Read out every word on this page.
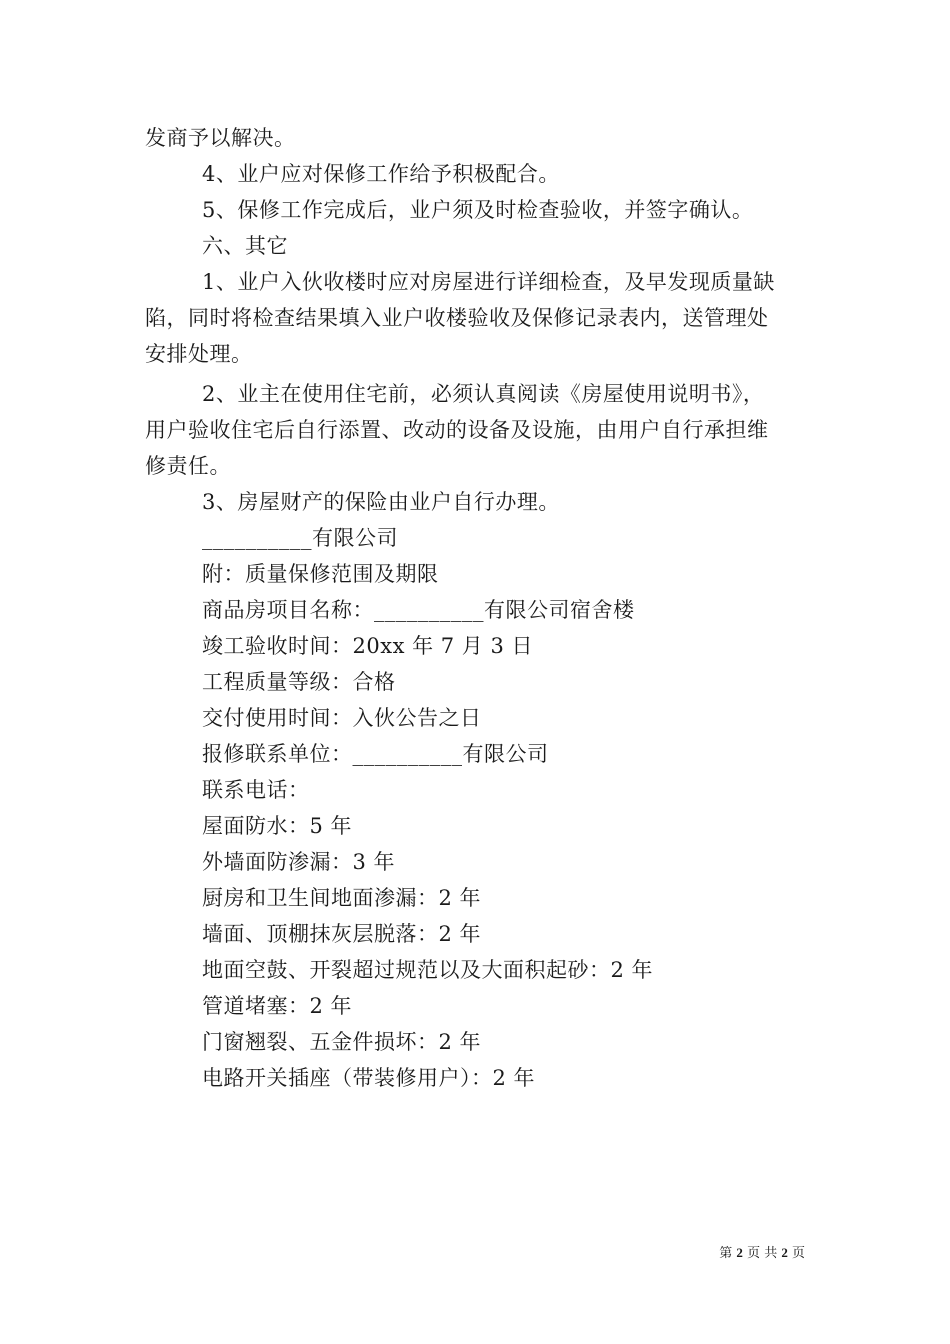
发商予以解决。
4、业户应对保修工作给予积极配合。
5、保修工作完成后，业户须及时检查验收，并签字确认。
六、其它
1、业户入伙收楼时应对房屋进行详细检查，及早发现质量缺
陷，同时将检查结果填入业户收楼验收及保修记录表内，送管理处
安排处理。
2、业主在使用住宅前，必须认真阅读《房屋使用说明书》，
用户验收住宅后自行添置、改动的设备及设施，由用户自行承担维
修责任。
3、房屋财产的保险由业户自行办理。
__________有限公司
附：质量保修范围及期限
商品房项目名称：__________有限公司宿舍楼
竣工验收时间：20xx 年 7 月 3 日
工程质量等级：合格
交付使用时间：入伙公告之日
报修联系单位：__________有限公司
联系电话：
屋面防水：5 年
外墙面防渗漏：3 年
厨房和卫生间地面渗漏：2 年
墙面、顶棚抹灰层脱落：2 年
地面空鼓、开裂超过规范以及大面积起砂：2 年
管道堵塞：2 年
门窗翘裂、五金件损坏：2 年
电路开关插座（带装修用户）：2 年
第 2 页 共 2 页
